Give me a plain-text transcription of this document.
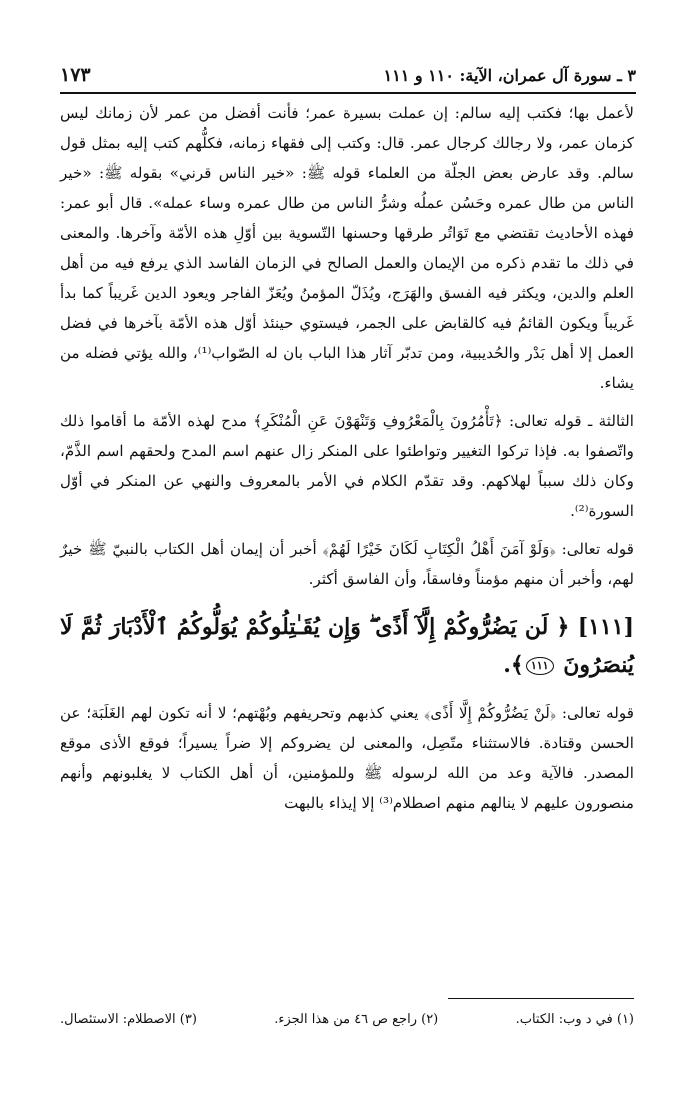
٣ ـ سورة آل عمران، الآية: ١١٠ و ١١١
١٧٣

لأعمل بها؛ فكتب إليه سالم: إن عملت بسيرة عمر؛ فأنت أفضل من عمر لأن زمانك ليس كزمان عمر، ولا رجالك كرجال عمر. قال: وكتب إلى فقهاء زمانه، فكلُّهم كتب إليه بمثل قول سالم. وقد عارض بعض الجلّة من العلماء قوله ﷺ: «خير الناس قرني» بقوله ﷺ: «خير الناس من طال عمره وحَسُن عملُه وشرُّ الناس من طال عمره وساء عمله». قال أبو عمر: فهذه الأحاديث تقتضي مع تَوَاتُر طرقها وحسنها التّسوية بين أوّلِ هذه الأمّة وآخرها. والمعنى في ذلك ما تقدم ذكره من الإيمان والعمل الصالح في الزمان الفاسد الذي يرفع فيه من أهل العلم والدين، ويكثر فيه الفسق والهَرَج، ويُذَلّ المؤمنُ ويُعَزّ الفاجر ويعود الدين غَريباً كما بدأ غَريباً ويكون القائمُ فيه كالقابض على الجمر، فيستوي حينئذ أوّل هذه الأمّة بآخرها في فضل العمل إلا أهل بَدْر والحُديبية، ومن تدبّر آثار هذا الباب بان له الصّواب⁽¹⁾، والله يؤتي فضله من يشاء.

الثالثة ـ قوله تعالى: ﴿تَأْمُرُونَ بِالْمَعْرُوفِ وَتَنْهَوْنَ عَنِ الْمُنْكَرِ﴾ مدح لهذه الأمّة ما أقاموا ذلك واتّصفوا به. فإذا تركوا التغيير وتواطئوا على المنكر زال عنهم اسم المدح ولحقهم اسم الذَّمّ، وكان ذلك سبباً لهلاكهم. وقد تقدّم الكلام في الأمر بالمعروف والنهي عن المنكر في أوّل السورة⁽²⁾.

قوله تعالى: ﴿وَلَوْ آمَنَ أَهْلُ الْكِتَابِ لَكَانَ خَيْرًا لَهُمْ﴾ أخبر أن إيمان أهل الكتاب بالنبيّ ﷺ خيرٌ لهم، وأخبر أن منهم مؤمناً وفاسقاً، وأن الفاسق أكثر.

[١١١] ﴿ لَن يَضُرُّوكُمْ إِلَّآ أَذًى ۖ وَإِن يُقَـٰتِلُوكُمْ يُوَلُّوكُمُ ٱلْأَدْبَارَ ثُمَّ لَا يُنصَرُونَ ١١١﴾.

قوله تعالى: ﴿لَنْ يَضُرُّوكُمْ إِلَّا أَذًى﴾ يعني كذبهم وتحريفهم وبُهْتهم؛ لا أنه تكون لهم الغَلَبَة؛ عن الحسن وقتادة. فالاستثناء متّصِل، والمعنى لن يضروكم إلا ضراً يسيراً؛ فوقع الأذى موقع المصدر. فالآية وعد من الله لرسوله ﷺ وللمؤمنين، أن أهل الكتاب لا يغلبونهم وأنهم منصورون عليهم لا ينالهم منهم اصطلام⁽³⁾ إلا إيذاء بالبهت

(١) في د وب: الكتاب.
(٢) راجع ص ٤٦ من هذا الجزء.
(٣) الاصطلام: الاستئصال.
